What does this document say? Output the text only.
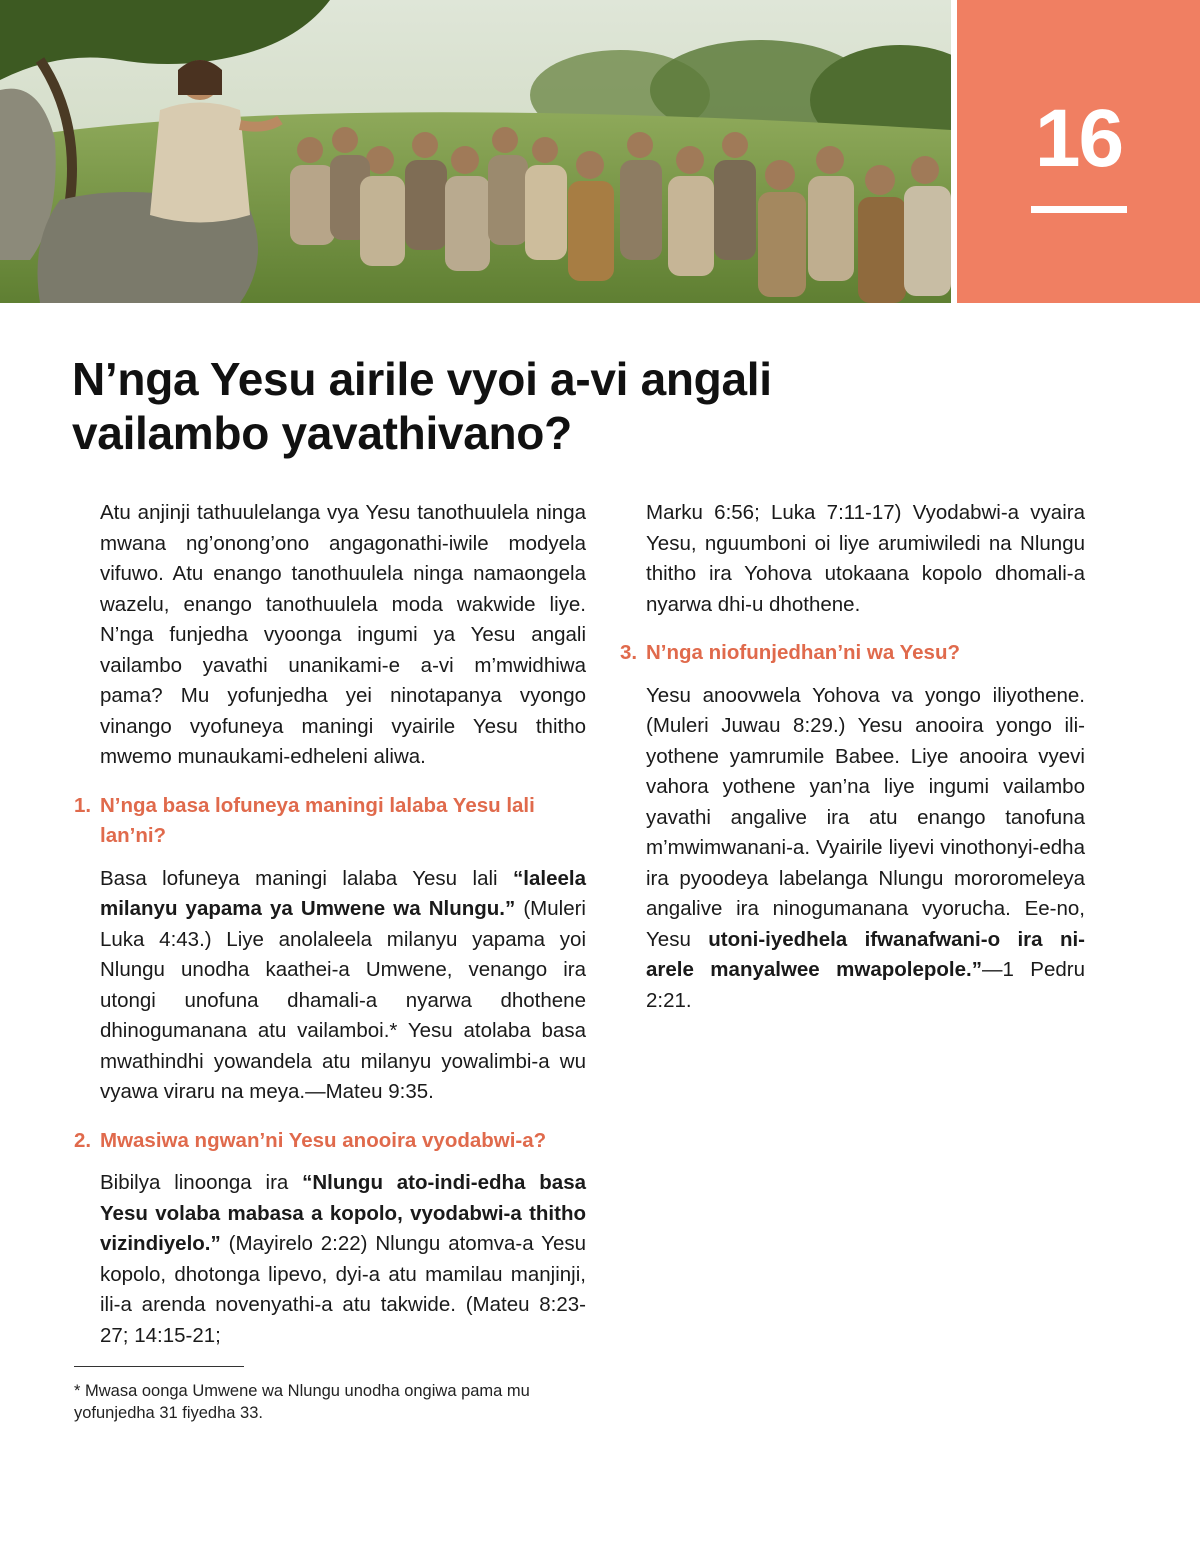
16
N’nga Yesu airile vyoi a-vi angali vailambo yavathivano?

Atu anjinji tathuulelanga vya Yesu tanothuulela ninga mwana ng’onong’ono angagonathi-iwile modyela vifuwo. Atu enango tanothuulela ninga namaongela wazelu, enango tanothuulela moda wakwide liye. N’nga funjedha vyoonga ingumi ya Yesu angali vailambo yavathi unanikami-e a-vi m’mwidhiwa pama? Mu yofunjedha yei ninotapanya vyongo vinango vyofuneya maningi vyairile Yesu thitho mwemo munaukami-edheleni aliwa.

1. N’nga basa lofuneya maningi lalaba Yesu lali lan’ni?

Basa lofuneya maningi lalaba Yesu lali “laleela milanyu yapama ya Umwene wa Nlungu.” (Muleri Luka 4:43.) Liye anolaleela milanyu yapama yoi Nlungu unodha kaathei-a Umwene, venango ira utongi unofuna dhamali-a nyarwa dhothene dhinogumanana atu vailamboi.* Yesu atolaba basa mwathindhi yowandela atu milanyu yowalimbi-a wu vyawa viraru na meya.—Mateu 9:35.

2. Mwasiwa ngwan’ni Yesu anooira vyodabwi-a?

Bibilya linoonga ira “Nlungu ato-indi-edha basa Yesu volaba mabasa a kopolo, vyodabwi-a thitho vizindiyelo.” (Mayirelo 2:22) Nlungu atomva-a Yesu kopolo, dhotonga lipevo, dyi-a atu mamilau manjinji, ili-a arenda novenyathi-a atu takwide. (Mateu 8:23-27; 14:15-21;

Marku 6:56; Luka 7:11-17) Vyodabwi-a vyaira Yesu, nguumboni oi liye arumiwiledi na Nlungu thitho ira Yohova utokaana kopolo dhomali-a nyarwa dhi-u dhothene.

3. N’nga niofunjedhan’ni wa Yesu?

Yesu anoovwela Yohova va yongo iliyothene. (Muleri Juwau 8:29.) Yesu anooira yongo iliyothene yamrumile Babee. Liye anooira vyevi vahora yothene yan’na liye ingumi vailambo yavathi angalive ira atu enango tanofuna m’mwimwanani-a. Vyairile liyevi vinothonyi-edha ira pyoodeya labelanga Nlungu mororomeleya angalive ira ninogumanana vyorucha. Ee-no, Yesu utoni-iyedhela ifwanafwani-o ira ni-arele manyalwee mwapolepole.”—1 Pedru 2:21.

* Mwasa oonga Umwene wa Nlungu unodha ongiwa pama mu yofunjedha 31 fiyedha 33.
